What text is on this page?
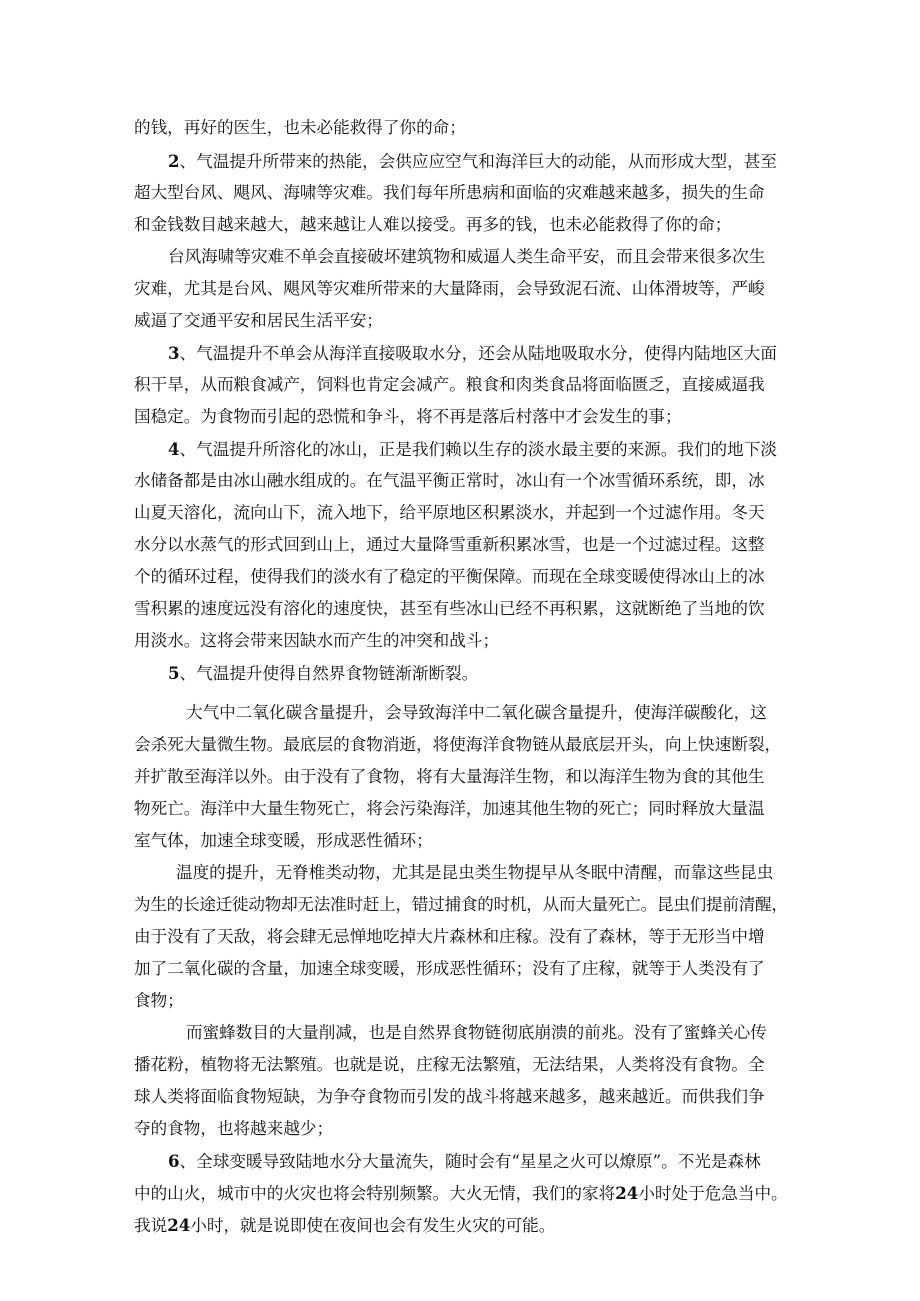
的钱，再好的医生，也未必能救得了你的命；
2、气温提升所带来的热能，会供应应空气和海洋巨大的动能，从而形成大型，甚至
超大型台风、飓风、海啸等灾难。我们每年所患病和面临的灾难越来越多，损失的生命
和金钱数目越来越大，越来越让人难以接受。再多的钱，也未必能救得了你的命；
台风海啸等灾难不单会直接破坏建筑物和威逼人类生命平安，而且会带来很多次生
灾难，尤其是台风、飓风等灾难所带来的大量降雨，会导致泥石流、山体滑坡等，严峻
威逼了交通平安和居民生活平安；
3、气温提升不单会从海洋直接吸取水分，还会从陆地吸取水分，使得内陆地区大面
积干旱，从而粮食减产，饲料也肯定会减产。粮食和肉类食品将面临匮乏，直接威逼我
国稳定。为食物而引起的恐慌和争斗，将不再是落后村落中才会发生的事；
4、气温提升所溶化的冰山，正是我们赖以生存的淡水最主要的来源。我们的地下淡
水储备都是由冰山融水组成的。在气温平衡正常时，冰山有一个冰雪循环系统，即，冰
山夏天溶化，流向山下，流入地下，给平原地区积累淡水，并起到一个过滤作用。冬天
水分以水蒸气的形式回到山上，通过大量降雪重新积累冰雪，也是一个过滤过程。这整
个的循环过程，使得我们的淡水有了稳定的平衡保障。而现在全球变暖使得冰山上的冰
雪积累的速度远没有溶化的速度快，甚至有些冰山已经不再积累，这就断绝了当地的饮
用淡水。这将会带来因缺水而产生的冲突和战斗；
5、气温提升使得自然界食物链渐渐断裂。
大气中二氧化碳含量提升，会导致海洋中二氧化碳含量提升，使海洋碳酸化，这
会杀死大量微生物。最底层的食物消逝，将使海洋食物链从最底层开头，向上快速断裂，
并扩散至海洋以外。由于没有了食物，将有大量海洋生物，和以海洋生物为食的其他生
物死亡。海洋中大量生物死亡，将会污染海洋，加速其他生物的死亡；同时释放大量温
室气体，加速全球变暖，形成恶性循环；
温度的提升，无脊椎类动物，尤其是昆虫类生物提早从冬眠中清醒，而靠这些昆虫
为生的长途迁徙动物却无法准时赶上，错过捕食的时机，从而大量死亡。昆虫们提前清醒，
由于没有了天敌，将会肆无忌惮地吃掉大片森林和庄稼。没有了森林，等于无形当中增
加了二氧化碳的含量，加速全球变暖，形成恶性循环；没有了庄稼，就等于人类没有了
食物；
而蜜蜂数目的大量削减，也是自然界食物链彻底崩溃的前兆。没有了蜜蜂关心传
播花粉，植物将无法繁殖。也就是说，庄稼无法繁殖，无法结果，人类将没有食物。全
球人类将面临食物短缺，为争夺食物而引发的战斗将越来越多，越来越近。而供我们争
夺的食物，也将越来越少；
6、全球变暖导致陆地水分大量流失，随时会有“星星之火可以燎原”。不光是森林
中的山火，城市中的火灾也将会特别频繁。大火无情，我们的家将24小时处于危急当中。
我说24小时，就是说即使在夜间也会有发生火灾的可能。
